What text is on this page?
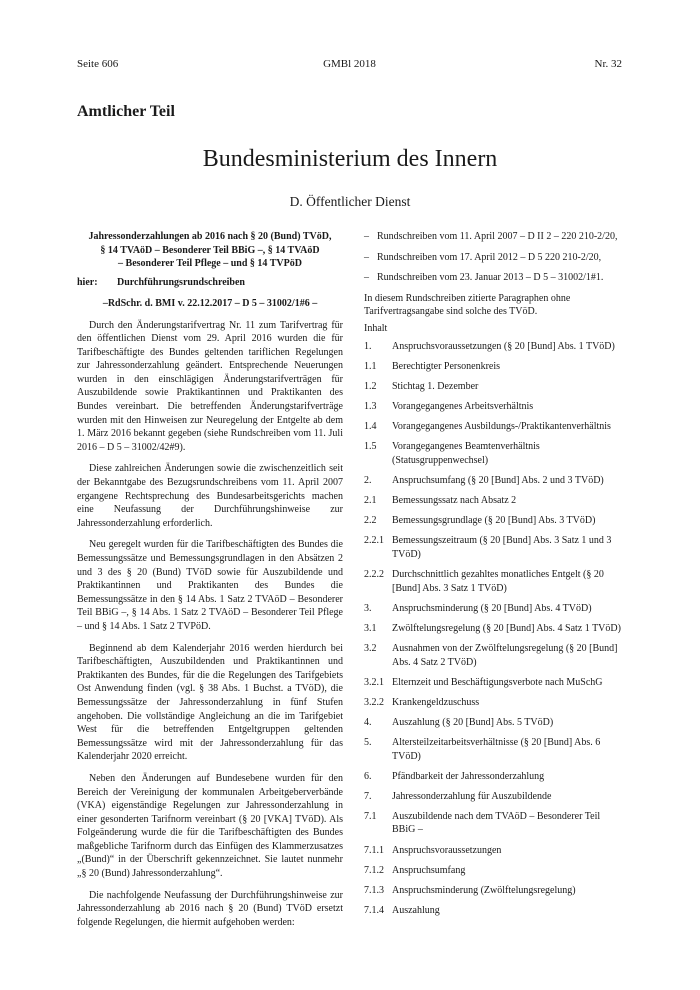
Seite 606	GMBl 2018	Nr. 32
Amtlicher Teil
Bundesministerium des Innern
D. Öffentlicher Dienst

Jahressonderzahlungen ab 2016 nach § 20 (Bund) TVöD,
§ 14 TVAöD – Besonderer Teil BBiG –, § 14 TVAöD
– Besonderer Teil Pflege – und § 14 TVPöD

hier:	Durchführungsrundschreiben
–RdSchr. d. BMI v. 22.12.2017 – D 5 – 31002/1#6 –

Durch den Änderungstarifvertrag Nr. 11 zum Tarifvertrag für den öffentlichen Dienst vom 29. April 2016 wurden die für Tarifbeschäftigte des Bundes geltenden tariflichen Regelungen zur Jahressonderzahlung geändert. Entsprechende Neuerungen wurden in den einschlägigen Änderungstarifverträgen für Auszubildende sowie Praktikantinnen und Praktikanten des Bundes vereinbart. Die betreffenden Änderungstarifverträge wurden mit den Hinweisen zur Neuregelung der Entgelte ab dem 1. März 2016 bekannt gegeben (siehe Rundschreiben vom 11. Juli 2016 – D 5 – 31002/42#9).

Diese zahlreichen Änderungen sowie die zwischenzeitlich seit der Bekanntgabe des Bezugsrundschreibens vom 11. April 2007 ergangene Rechtsprechung des Bundesarbeitsgerichts machen eine Neufassung der Durchführungshinweise zur Jahressonderzahlung erforderlich.

Neu geregelt wurden für die Tarifbeschäftigten des Bundes die Bemessungssätze und Bemessungsgrundlagen in den Absätzen 2 und 3 des § 20 (Bund) TVöD sowie für Auszubildende und Praktikantinnen und Praktikanten des Bundes die Bemessungssätze in den § 14 Abs. 1 Satz 2 TVAöD – Besonderer Teil BBiG –, § 14 Abs. 1 Satz 2 TVAöD – Besonderer Teil Pflege – und § 14 Abs. 1 Satz 2 TVPöD.

Beginnend ab dem Kalenderjahr 2016 werden hierdurch bei Tarifbeschäftigten, Auszubildenden und Praktikantinnen und Praktikanten des Bundes, für die die Regelungen des Tarifgebiets Ost Anwendung finden (vgl. § 38 Abs. 1 Buchst. a TVöD), die Bemessungssätze der Jahressonderzahlung in fünf Stufen angehoben. Die vollständige Angleichung an die im Tarifgebiet West für die betreffenden Entgeltgruppen geltenden Bemessungssätze wird mit der Jahressonderzahlung für das Kalenderjahr 2020 erreicht.

Neben den Änderungen auf Bundesebene wurden für den Bereich der Vereinigung der kommunalen Arbeitgeberverbände (VKA) eigenständige Regelungen zur Jahressonderzahlung in einer gesonderten Tarifnorm vereinbart (§ 20 [VKA] TVöD). Als Folgeänderung wurde die für die Tarifbeschäftigten des Bundes maßgebliche Tarifnorm durch das Einfügen des Klammerzusatzes „(Bund)“ in der Überschrift gekennzeichnet. Sie lautet nunmehr „§ 20 (Bund) Jahressonderzahlung“.

Die nachfolgende Neufassung der Durchführungshinweise zur Jahressonderzahlung ab 2016 nach § 20 (Bund) TVöD ersetzt folgende Regelungen, die hiermit aufgehoben werden:

– Rundschreiben vom 11. April 2007 – D II 2 – 220 210-2/20,
– Rundschreiben vom 17. April 2012 – D 5 220 210-2/20,
– Rundschreiben vom 23. Januar 2013 – D 5 – 31002/1#1.

In diesem Rundschreiben zitierte Paragraphen ohne Tarifvertragsangabe sind solche des TVöD.

Inhalt

1.	Anspruchsvoraussetzungen (§ 20 [Bund] Abs. 1 TVöD)
1.1	Berechtigter Personenkreis
1.2	Stichtag 1. Dezember
1.3	Vorangegangenes Arbeitsverhältnis
1.4	Vorangegangenes Ausbildungs-/Praktikantenverhältnis
1.5	Vorangegangenes Beamtenverhältnis (Statusgruppenwechsel)
2.	Anspruchsumfang (§ 20 [Bund] Abs. 2 und 3 TVöD)
2.1	Bemessungssatz nach Absatz 2
2.2	Bemessungsgrundlage (§ 20 [Bund] Abs. 3 TVöD)
2.2.1 Bemessungszeitraum (§ 20 [Bund] Abs. 3 Satz 1 und 3 TVöD)
2.2.2 Durchschnittlich gezahltes monatliches Entgelt (§ 20 [Bund] Abs. 3 Satz 1 TVöD)
3.	Anspruchsminderung (§ 20 [Bund] Abs. 4 TVöD)
3.1	Zwölftelungsregelung (§ 20 [Bund] Abs. 4 Satz 1 TVöD)
3.2	Ausnahmen von der Zwölftelungsregelung (§ 20 [Bund] Abs. 4 Satz 2 TVöD)
3.2.1 Elternzeit und Beschäftigungsverbote nach MuSchG
3.2.2 Krankengeldzuschuss
4.	Auszahlung (§ 20 [Bund] Abs. 5 TVöD)
5.	Altersteilzeitarbeitsverhältnisse (§ 20 [Bund] Abs. 6 TVöD)
6.	Pfändbarkeit der Jahressonderzahlung
7.	Jahressonderzahlung für Auszubildende
7.1	Auszubildende nach dem TVAöD – Besonderer Teil BBiG –
7.1.1 Anspruchsvoraussetzungen
7.1.2 Anspruchsumfang
7.1.3 Anspruchsminderung (Zwölftelungsregelung)
7.1.4 Auszahlung
